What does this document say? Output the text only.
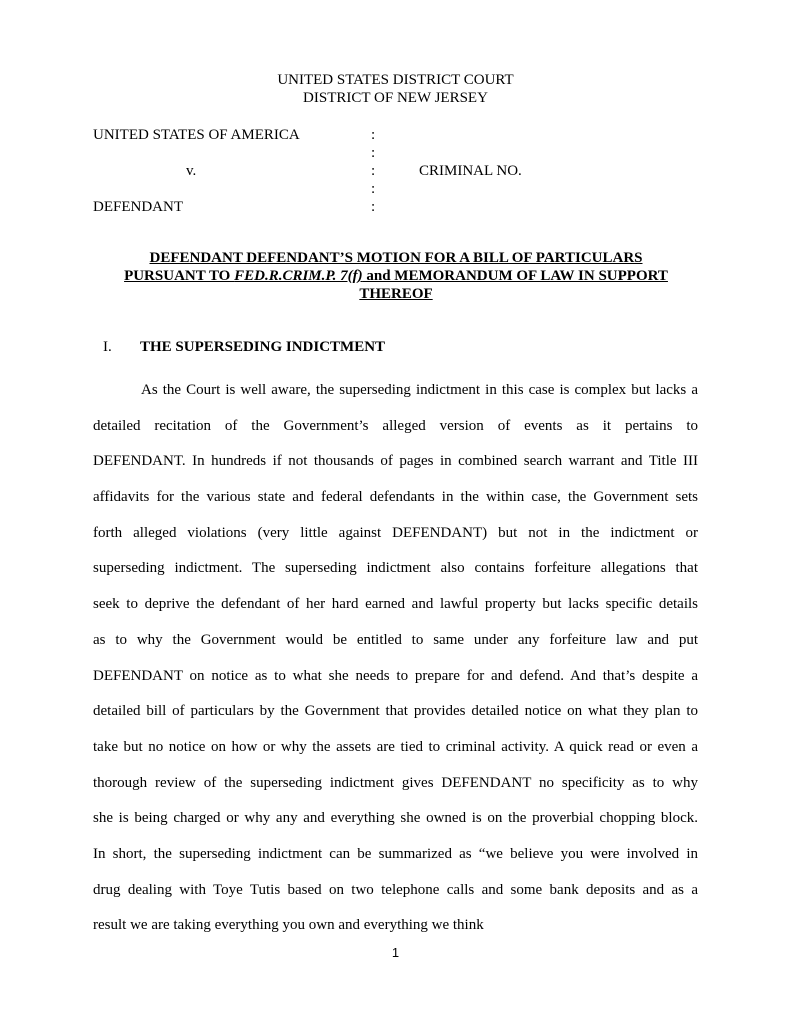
UNITED STATES DISTRICT COURT
DISTRICT OF NEW JERSEY
UNITED STATES OF AMERICA	:
:
v.	:	CRIMINAL NO.
:
DEFENDANT	:
DEFENDANT DEFENDANT’S MOTION FOR A BILL OF PARTICULARS
PURSUANT TO FED.R.CRIM.P. 7(f) and MEMORANDUM OF LAW IN SUPPORT
THEREOF
I. THE SUPERSEDING INDICTMENT
As the Court is well aware, the superseding indictment in this case is complex but lacks a
detailed recitation of the Government’s alleged version of events as it pertains to
DEFENDANT. In hundreds if not thousands of pages in combined search warrant and Title III
affidavits for the various state and federal defendants in the within case, the Government sets
forth alleged violations (very little against DEFENDANT) but not in the indictment or
superseding indictment. The superseding indictment also contains forfeiture allegations that
seek to deprive the defendant of her hard earned and lawful property but lacks specific details
as to why the Government would be entitled to same under any forfeiture law and put
DEFENDANT on notice as to what she needs to prepare for and defend. And that’s despite a
detailed bill of particulars by the Government that provides detailed notice on what they plan to
take but no notice on how or why the assets are tied to criminal activity. A quick read or even a
thorough review of the superseding indictment gives DEFENDANT no specificity as to why
she is being charged or why any and everything she owned is on the proverbial chopping block.
In short, the superseding indictment can be summarized as “we believe you were involved in
drug dealing with Toye Tutis based on two telephone calls and some bank deposits and as a
result we are taking everything you own and everything we think
1
